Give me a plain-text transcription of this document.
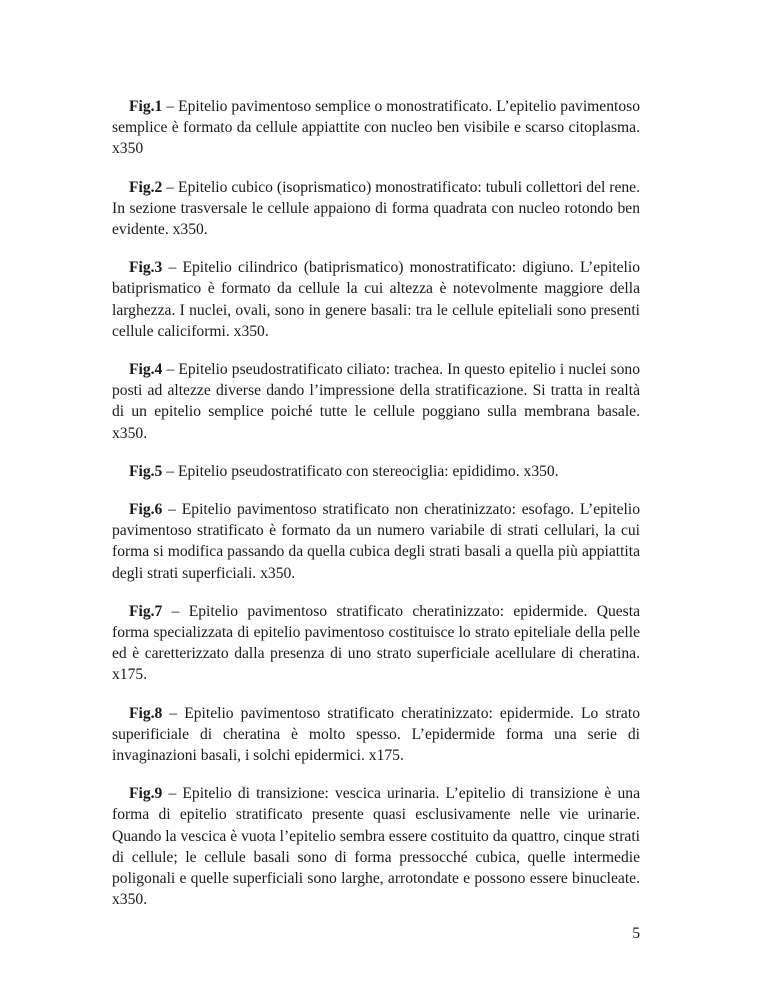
Fig.1 – Epitelio pavimentoso semplice o monostratificato. L’epitelio pavimentoso semplice è formato da cellule appiattite con nucleo ben visibile e scarso citoplasma. x350

Fig.2 – Epitelio cubico (isoprismatico) monostratificato: tubuli collettori del rene. In sezione trasversale le cellule appaiono di forma quadrata con nucleo rotondo ben evidente. x350.

Fig.3 – Epitelio cilindrico (batiprismatico) monostratificato: digiuno. L’epitelio batiprismatico è formato da cellule la cui altezza è notevolmente maggiore della larghezza. I nuclei, ovali, sono in genere basali: tra le cellule epiteliali sono presenti cellule caliciformi. x350.

Fig.4 – Epitelio pseudostratificato ciliato: trachea. In questo epitelio i nuclei sono posti ad altezze diverse dando l’impressione della stratificazione. Si tratta in realtà di un epitelio semplice poiché tutte le cellule poggiano sulla membrana basale. x350.

Fig.5 – Epitelio pseudostratificato con stereociglia: epididimo. x350.

Fig.6 – Epitelio pavimentoso stratificato non cheratinizzato: esofago. L’epitelio pavimentoso stratificato è formato da un numero variabile di strati cellulari, la cui forma si modifica passando da quella cubica degli strati basali a quella più appiattita degli strati superficiali. x350.

Fig.7 – Epitelio pavimentoso stratificato cheratinizzato: epidermide. Questa forma specializzata di epitelio pavimentoso costituisce lo strato epiteliale della pelle ed è caretterizzato dalla presenza di uno strato superficiale acellulare di cheratina. x175.

Fig.8 – Epitelio pavimentoso stratificato cheratinizzato: epidermide. Lo strato superificiale di cheratina è molto spesso. L’epidermide forma una serie di invaginazioni basali, i solchi epidermici. x175.

Fig.9 – Epitelio di transizione: vescica urinaria. L’epitelio di transizione è una forma di epitelio stratificato presente quasi esclusivamente nelle vie urinarie. Quando la vescica è vuota l’epitelio sembra essere costituito da quattro, cinque strati di cellule; le cellule basali sono di forma pressocché cubica, quelle intermedie poligonali e quelle superficiali sono larghe, arrotondate e possono essere binucleate. x350.

5
